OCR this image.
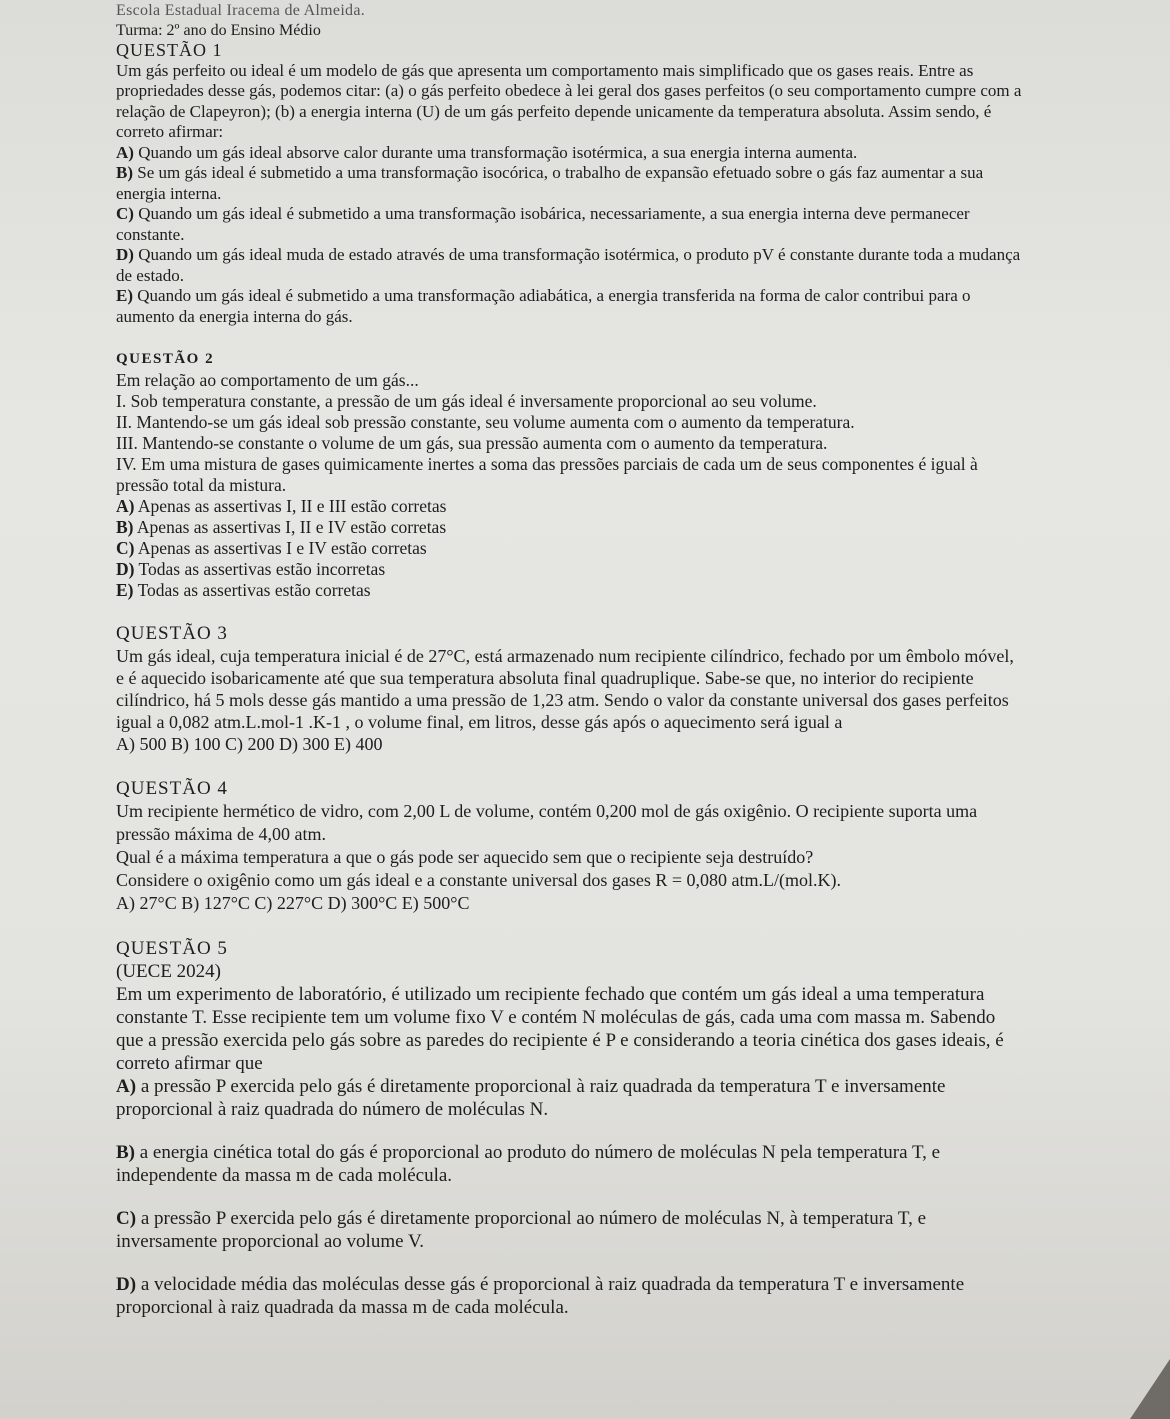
Escola Estadual Iracema de Almeida.
Turma: 2º ano do Ensino Médio
QUESTÃO 1

Um gás perfeito ou ideal é um modelo de gás que apresenta um comportamento mais simplificado que os gases reais. Entre as propriedades desse gás, podemos citar: (a) o gás perfeito obedece à lei geral dos gases perfeitos (o seu comportamento cumpre com a relação de Clapeyron); (b) a energia interna (U) de um gás perfeito depende unicamente da temperatura absoluta. Assim sendo, é correto afirmar:

A) Quando um gás ideal absorve calor durante uma transformação isotérmica, a sua energia interna aumenta.

B) Se um gás ideal é submetido a uma transformação isocórica, o trabalho de expansão efetuado sobre o gás faz aumentar a sua energia interna.

C) Quando um gás ideal é submetido a uma transformação isobárica, necessariamente, a sua energia interna deve permanecer constante.

D) Quando um gás ideal muda de estado através de uma transformação isotérmica, o produto pV é constante durante toda a mudança de estado.

E) Quando um gás ideal é submetido a uma transformação adiabática, a energia transferida na forma de calor contribui para o aumento da energia interna do gás.

QUESTÃO 2

Em relação ao comportamento de um gás...

I. Sob temperatura constante, a pressão de um gás ideal é inversamente proporcional ao seu volume.

II. Mantendo-se um gás ideal sob pressão constante, seu volume aumenta com o aumento da temperatura.

III. Mantendo-se constante o volume de um gás, sua pressão aumenta com o aumento da temperatura.

IV. Em uma mistura de gases quimicamente inertes a soma das pressões parciais de cada um de seus componentes é igual à pressão total da mistura.

A) Apenas as assertivas I, II e III estão corretas

B) Apenas as assertivas I, II e IV estão corretas

C) Apenas as assertivas I e IV estão corretas

D) Todas as assertivas estão incorretas

E) Todas as assertivas estão corretas

QUESTÃO 3

Um gás ideal, cuja temperatura inicial é de 27°C, está armazenado num recipiente cilíndrico, fechado por um êmbolo móvel, e é aquecido isobaricamente até que sua temperatura absoluta final quadruplique. Sabe-se que, no interior do recipiente cilíndrico, há 5 mols desse gás mantido a uma pressão de 1,23 atm. Sendo o valor da constante universal dos gases perfeitos igual a 0,082 atm.L.mol-1 .K-1 , o volume final, em litros, desse gás após o aquecimento será igual a

A) 500 B) 100 C) 200 D) 300 E) 400

QUESTÃO 4

Um recipiente hermético de vidro, com 2,00 L de volume, contém 0,200 mol de gás oxigênio. O recipiente suporta uma pressão máxima de 4,00 atm.

Qual é a máxima temperatura a que o gás pode ser aquecido sem que o recipiente seja destruído?

Considere o oxigênio como um gás ideal e a constante universal dos gases R = 0,080 atm.L/(mol.K).

A) 27°C B) 127°C C) 227°C D) 300°C E) 500°C

QUESTÃO 5

(UECE 2024)

Em um experimento de laboratório, é utilizado um recipiente fechado que contém um gás ideal a uma temperatura constante T. Esse recipiente tem um volume fixo V e contém N moléculas de gás, cada uma com massa m. Sabendo que a pressão exercida pelo gás sobre as paredes do recipiente é P e considerando a teoria cinética dos gases ideais, é correto afirmar que

A) a pressão P exercida pelo gás é diretamente proporcional à raiz quadrada da temperatura T e inversamente proporcional à raiz quadrada do número de moléculas N.

B) a energia cinética total do gás é proporcional ao produto do número de moléculas N pela temperatura T, e independente da massa m de cada molécula.

C) a pressão P exercida pelo gás é diretamente proporcional ao número de moléculas N, à temperatura T, e inversamente proporcional ao volume V.

D) a velocidade média das moléculas desse gás é proporcional à raiz quadrada da temperatura T e inversamente proporcional à raiz quadrada da massa m de cada molécula.
